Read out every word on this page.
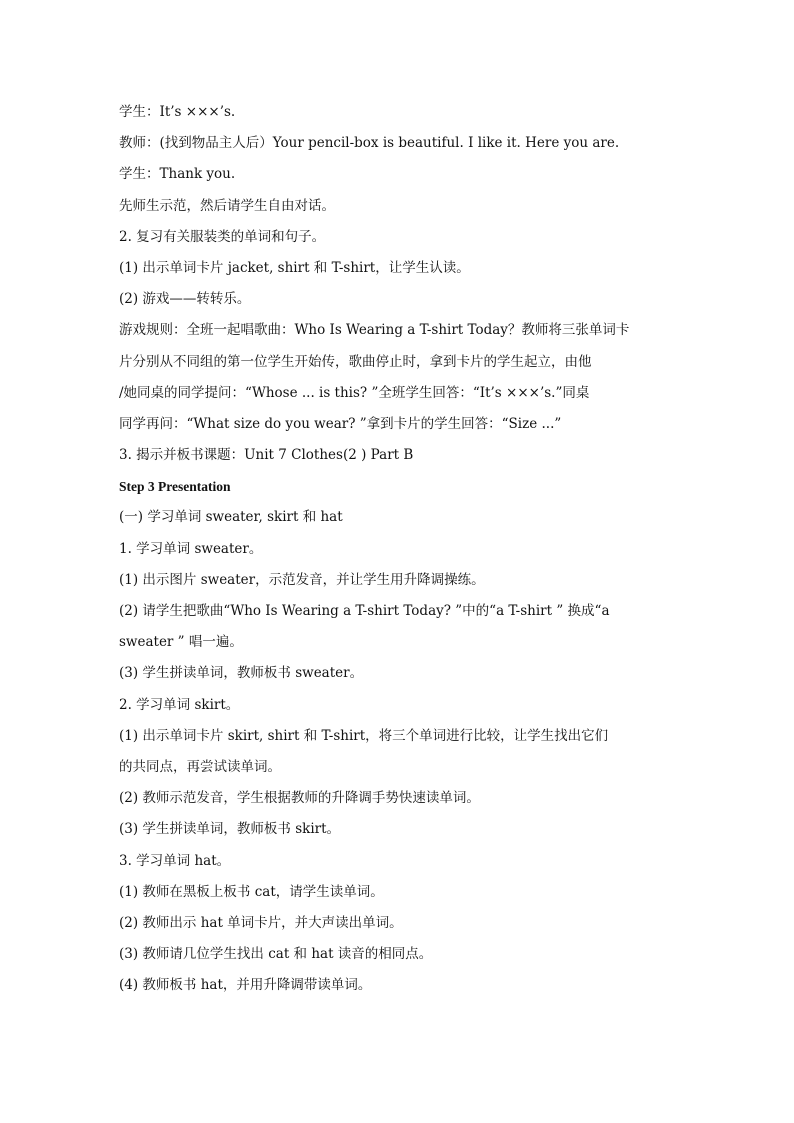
学生：It’s ×××’s.

教师：(找到物品主人后）Your pencil-box is beautiful. I like it. Here you are.

学生：Thank you.

先师生示范，然后请学生自由对话。

2. 复习有关服装类的单词和句子。

(1) 出示单词卡片 jacket, shirt 和 T-shirt，让学生认读。

(2) 游戏——转转乐。

游戏规则：全班一起唱歌曲：Who Is Wearing a T-shirt Today？教师将三张单词卡

片分别从不同组的第一位学生开始传，歌曲停止时，拿到卡片的学生起立，由他

/她同桌的同学提问：“Whose ... is this? ”全班学生回答：“It’s ×××’s.”同桌

同学再问：“What size do you wear? ”拿到卡片的学生回答：“Size ...”

3. 揭示并板书课题：Unit 7 Clothes(2 ) Part B

Step 3 Presentation

(一) 学习单词 sweater, skirt 和 hat

1. 学习单词 sweater。

(1) 出示图片 sweater，示范发音，并让学生用升降调操练。

(2) 请学生把歌曲“Who Is Wearing a T-shirt Today? ”中的“a T-shirt ” 换成“a

sweater ” 唱一遍。

(3) 学生拼读单词，教师板书 sweater。

2. 学习单词 skirt。

(1) 出示单词卡片 skirt, shirt 和 T-shirt，将三个单词进行比较，让学生找出它们

的共同点，再尝试读单词。

(2) 教师示范发音，学生根据教师的升降调手势快速读单词。

(3) 学生拼读单词，教师板书 skirt。

3. 学习单词 hat。

(1) 教师在黑板上板书 cat，请学生读单词。

(2) 教师出示 hat 单词卡片，并大声读出单词。

(3) 教师请几位学生找出 cat 和 hat 读音的相同点。

(4) 教师板书 hat，并用升降调带读单词。
